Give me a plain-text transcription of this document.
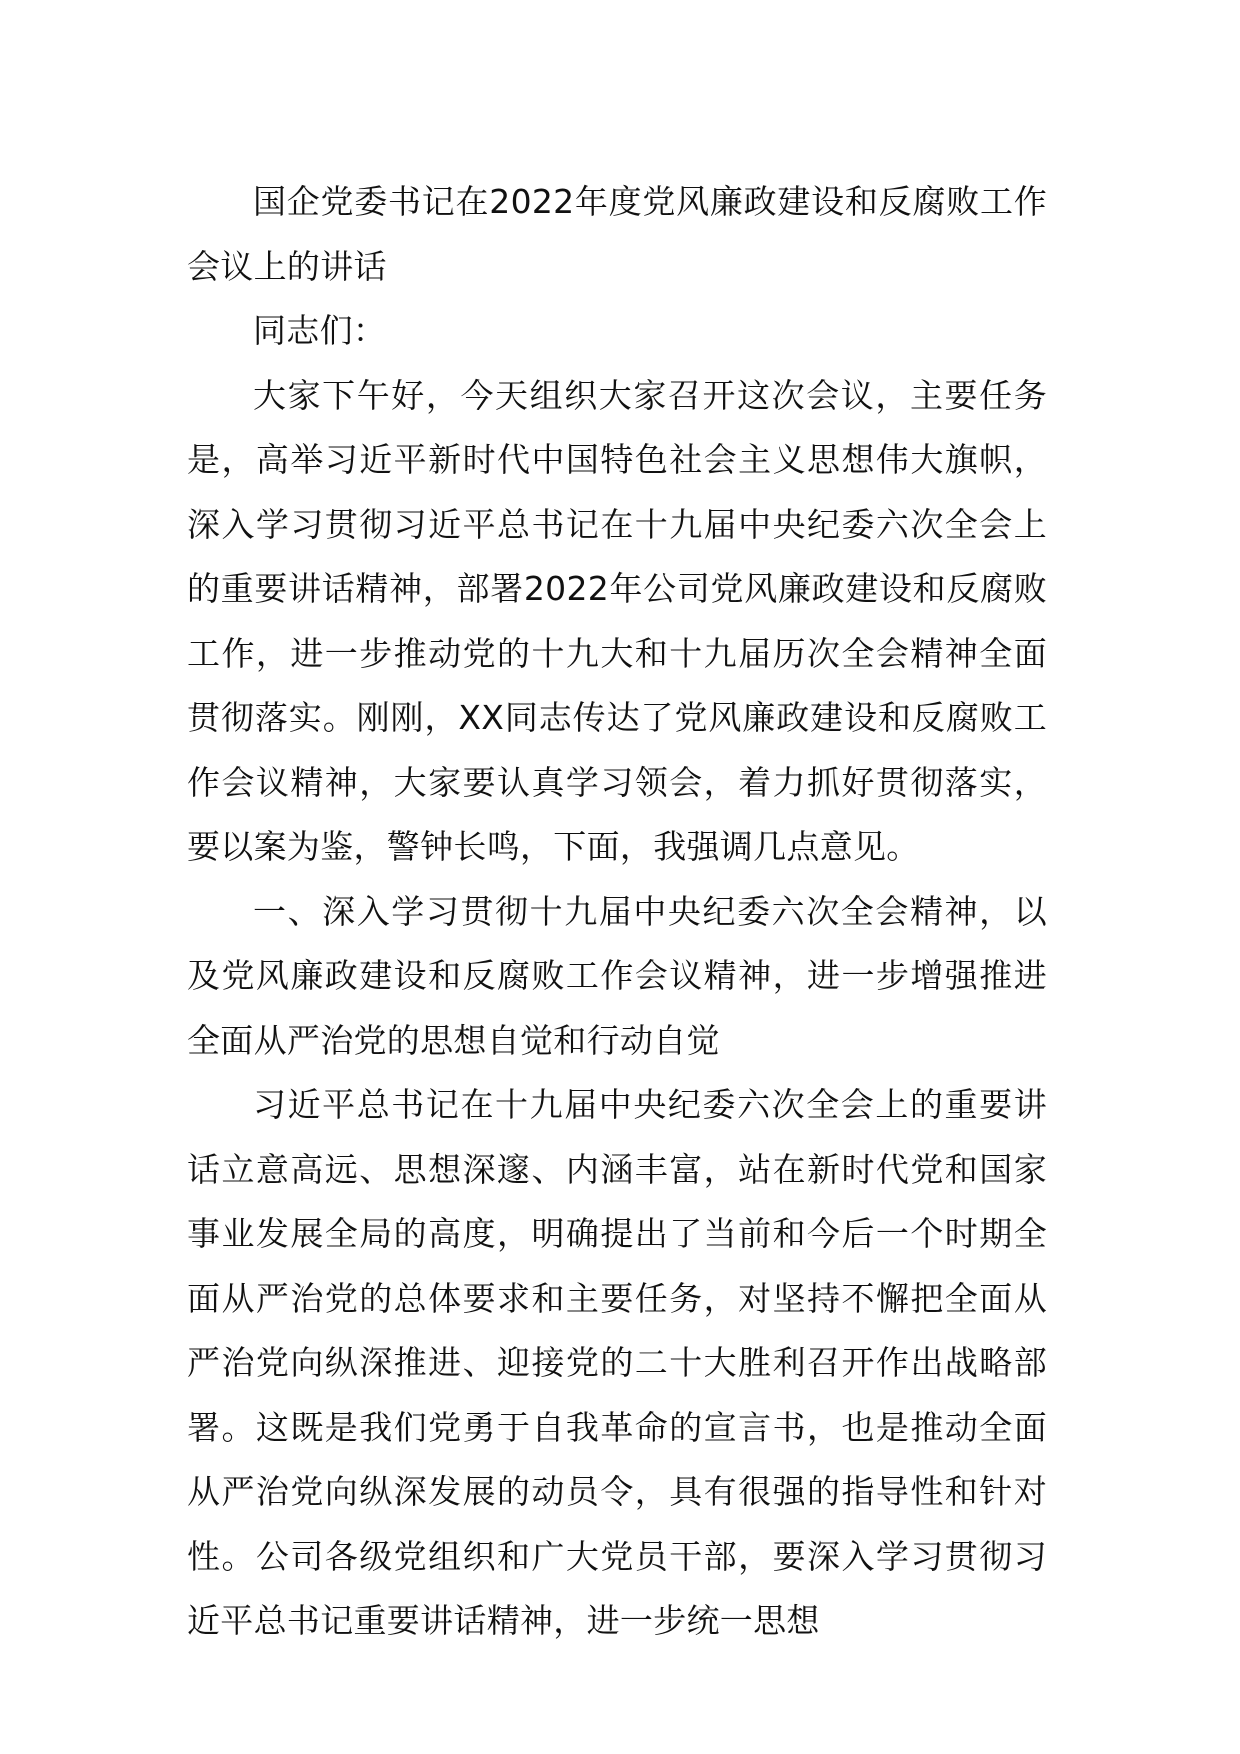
国企党委书记在2022年度党风廉政建设和反腐败工作会议上的讲话

同志们：

大家下午好，今天组织大家召开这次会议，主要任务是，高举习近平新时代中国特色社会主义思想伟大旗帜，深入学习贯彻习近平总书记在十九届中央纪委六次全会上的重要讲话精神，部署2022年公司党风廉政建设和反腐败工作，进一步推动党的十九大和十九届历次全会精神全面贯彻落实。刚刚，XX同志传达了党风廉政建设和反腐败工作会议精神，大家要认真学习领会，着力抓好贯彻落实，要以案为鉴，警钟长鸣，下面，我强调几点意见。

一、深入学习贯彻十九届中央纪委六次全会精神，以及党风廉政建设和反腐败工作会议精神，进一步增强推进全面从严治党的思想自觉和行动自觉

习近平总书记在十九届中央纪委六次全会上的重要讲话立意高远、思想深邃、内涵丰富，站在新时代党和国家事业发展全局的高度，明确提出了当前和今后一个时期全面从严治党的总体要求和主要任务，对坚持不懈把全面从严治党向纵深推进、迎接党的二十大胜利召开作出战略部署。这既是我们党勇于自我革命的宣言书，也是推动全面从严治党向纵深发展的动员令，具有很强的指导性和针对性。公司各级党组织和广大党员干部，要深入学习贯彻习近平总书记重要讲话精神，进一步统一思想
